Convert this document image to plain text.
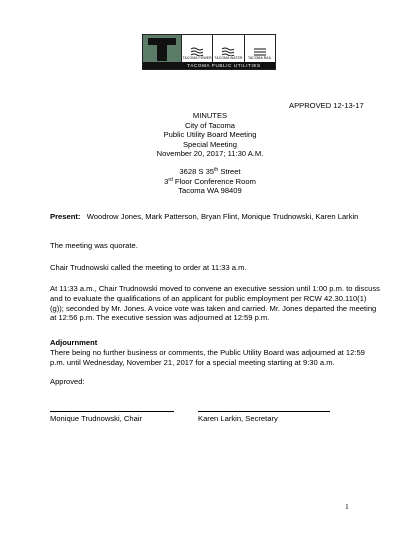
TACOMA POWER TACOMA WATER TACOMA RAIL
TACOMA PUBLIC UTILITIES
APPROVED 12-13-17
MINUTES
City of Tacoma
Public Utility Board Meeting
Special Meeting
November 20, 2017; 11:30 A.M.
3628 S 35th Street
3rd Floor Conference Room
Tacoma WA 98409
Present: Woodrow Jones, Mark Patterson, Bryan Flint, Monique Trudnowski, Karen Larkin
The meeting was quorate.
Chair Trudnowski called the meeting to order at 11:33 a.m.
At 11:33 a.m., Chair Trudnowski moved to convene an executive session until 1:00 p.m. to discuss and to evaluate the qualifications of an applicant for public employment per RCW 42.30.110(1)(g)); seconded by Mr. Jones. A voice vote was taken and carried. Mr. Jones departed the meeting at 12:56 p.m. The executive session was adjourned at 12:59 p.m.
Adjournment
There being no further business or comments, the Public Utility Board was adjourned at 12:59 p.m. until Wednesday, November 21, 2017 for a special meeting starting at 9:30 a.m.
Approved:
Monique Trudnowski, Chair	Karen Larkin, Secretary
1
